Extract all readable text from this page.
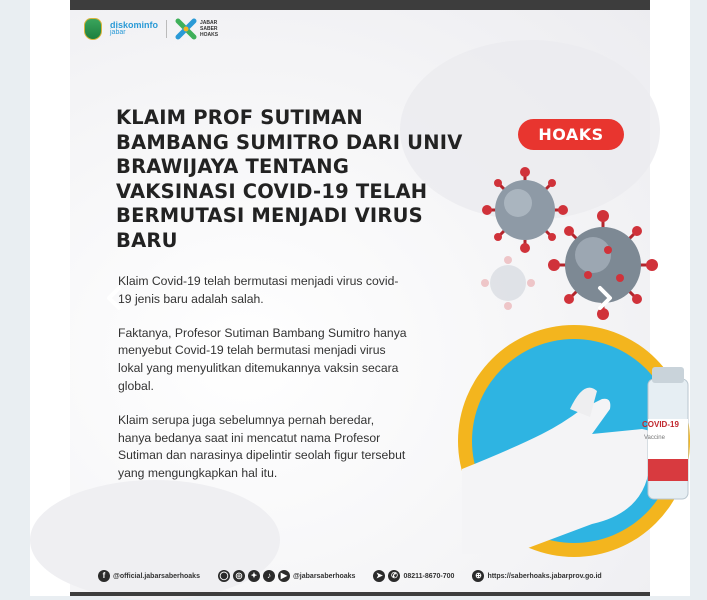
diskominfo
jabar
JABAR
SABER
HOAKS
KLAIM PROF SUTIMAN BAMBANG SUMITRO DARI UNIV BRAWIJAYA TENTANG VAKSINASI COVID-19 TELAH BERMUTASI MENJADI VIRUS BARU
HOAKS

Klaim Covid-19 telah bermutasi menjadi virus covid-19 jenis baru adalah salah.

Faktanya, Profesor Sutiman Bambang Sumitro hanya menyebut Covid-19 telah bermutasi menjadi virus lokal yang menyulitkan ditemukannya vaksin secara global.

Klaim serupa juga sebelumnya pernah beredar, hanya bedanya saat ini mencatut nama Profesor Sutiman dan narasinya dipelintir seolah figur tersebut yang mengungkapkan hal itu.

COVID-19
Vaccine
f	@official.jabarsaberhoaks ◯ ◎	✦	♪	▶ @jabarsaberhoaks	➤	✆ 08211-8670-700	⊕ https://saberhoaks.jabarprov.go.id
